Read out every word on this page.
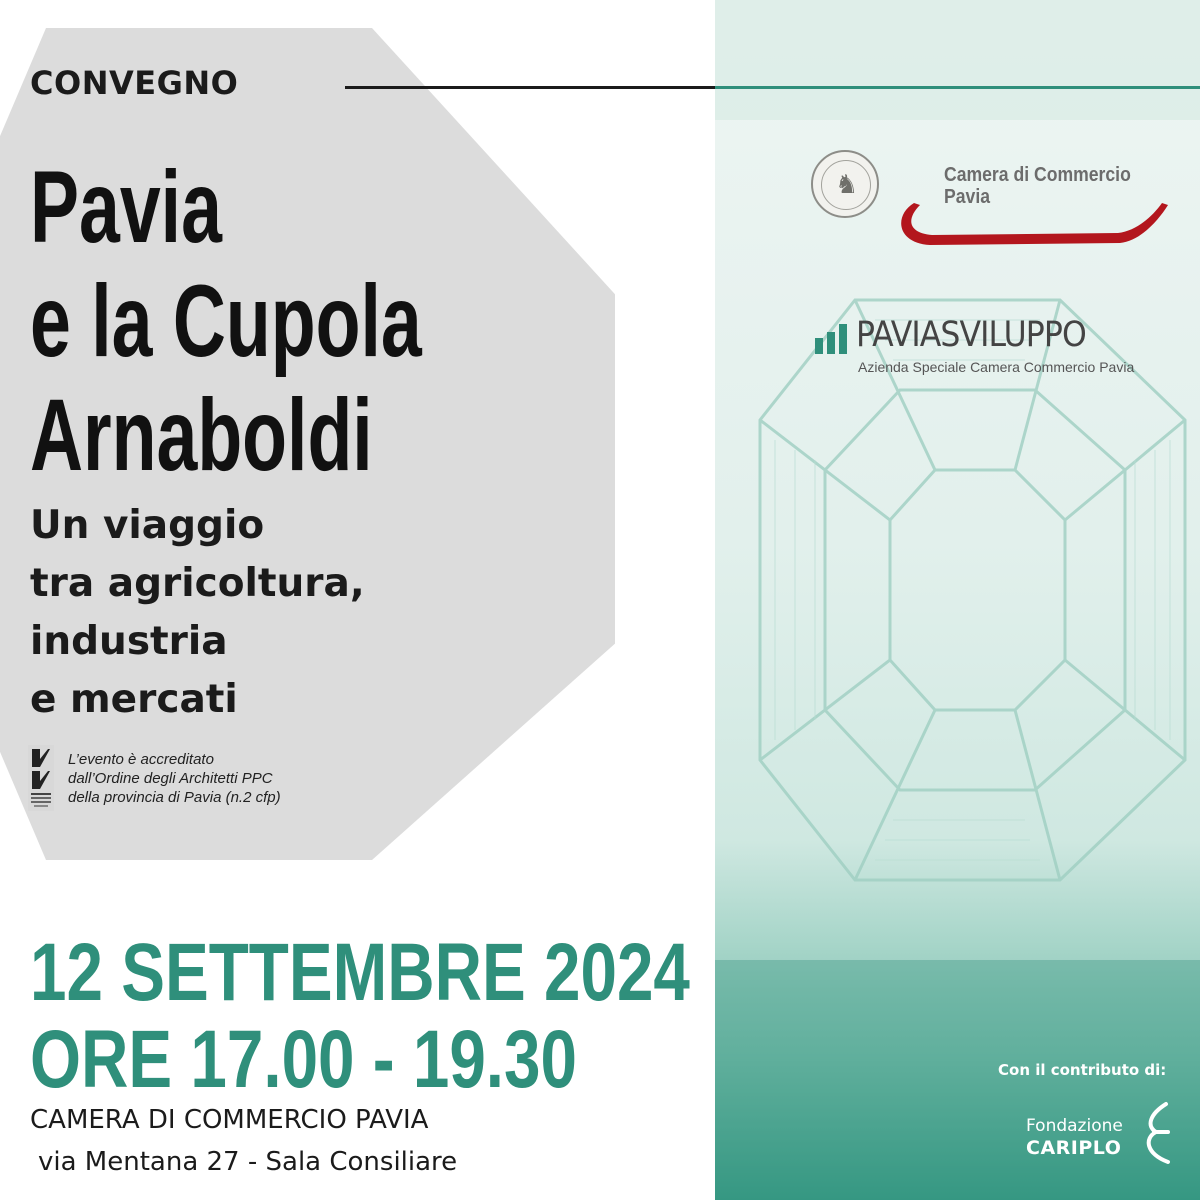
CONVEGNO
Pavia
e la Cupola
Arnaboldi
Un viaggio
tra agricoltura,
industria
e mercati
L’evento è accreditato
dall’Ordine degli Architetti PPC
della provincia di Pavia (n.2 cfp)
12 SETTEMBRE 2024
ORE 17.00 - 19.30
CAMERA DI COMMERCIO PAVIA
via Mentana 27 - Sala Consiliare
♞	Camera di Commercio
Pavia
PAVIASVILUPPO
Azienda Speciale Camera Commercio Pavia
Con il contributo di:
Fondazione
CARIPLO
